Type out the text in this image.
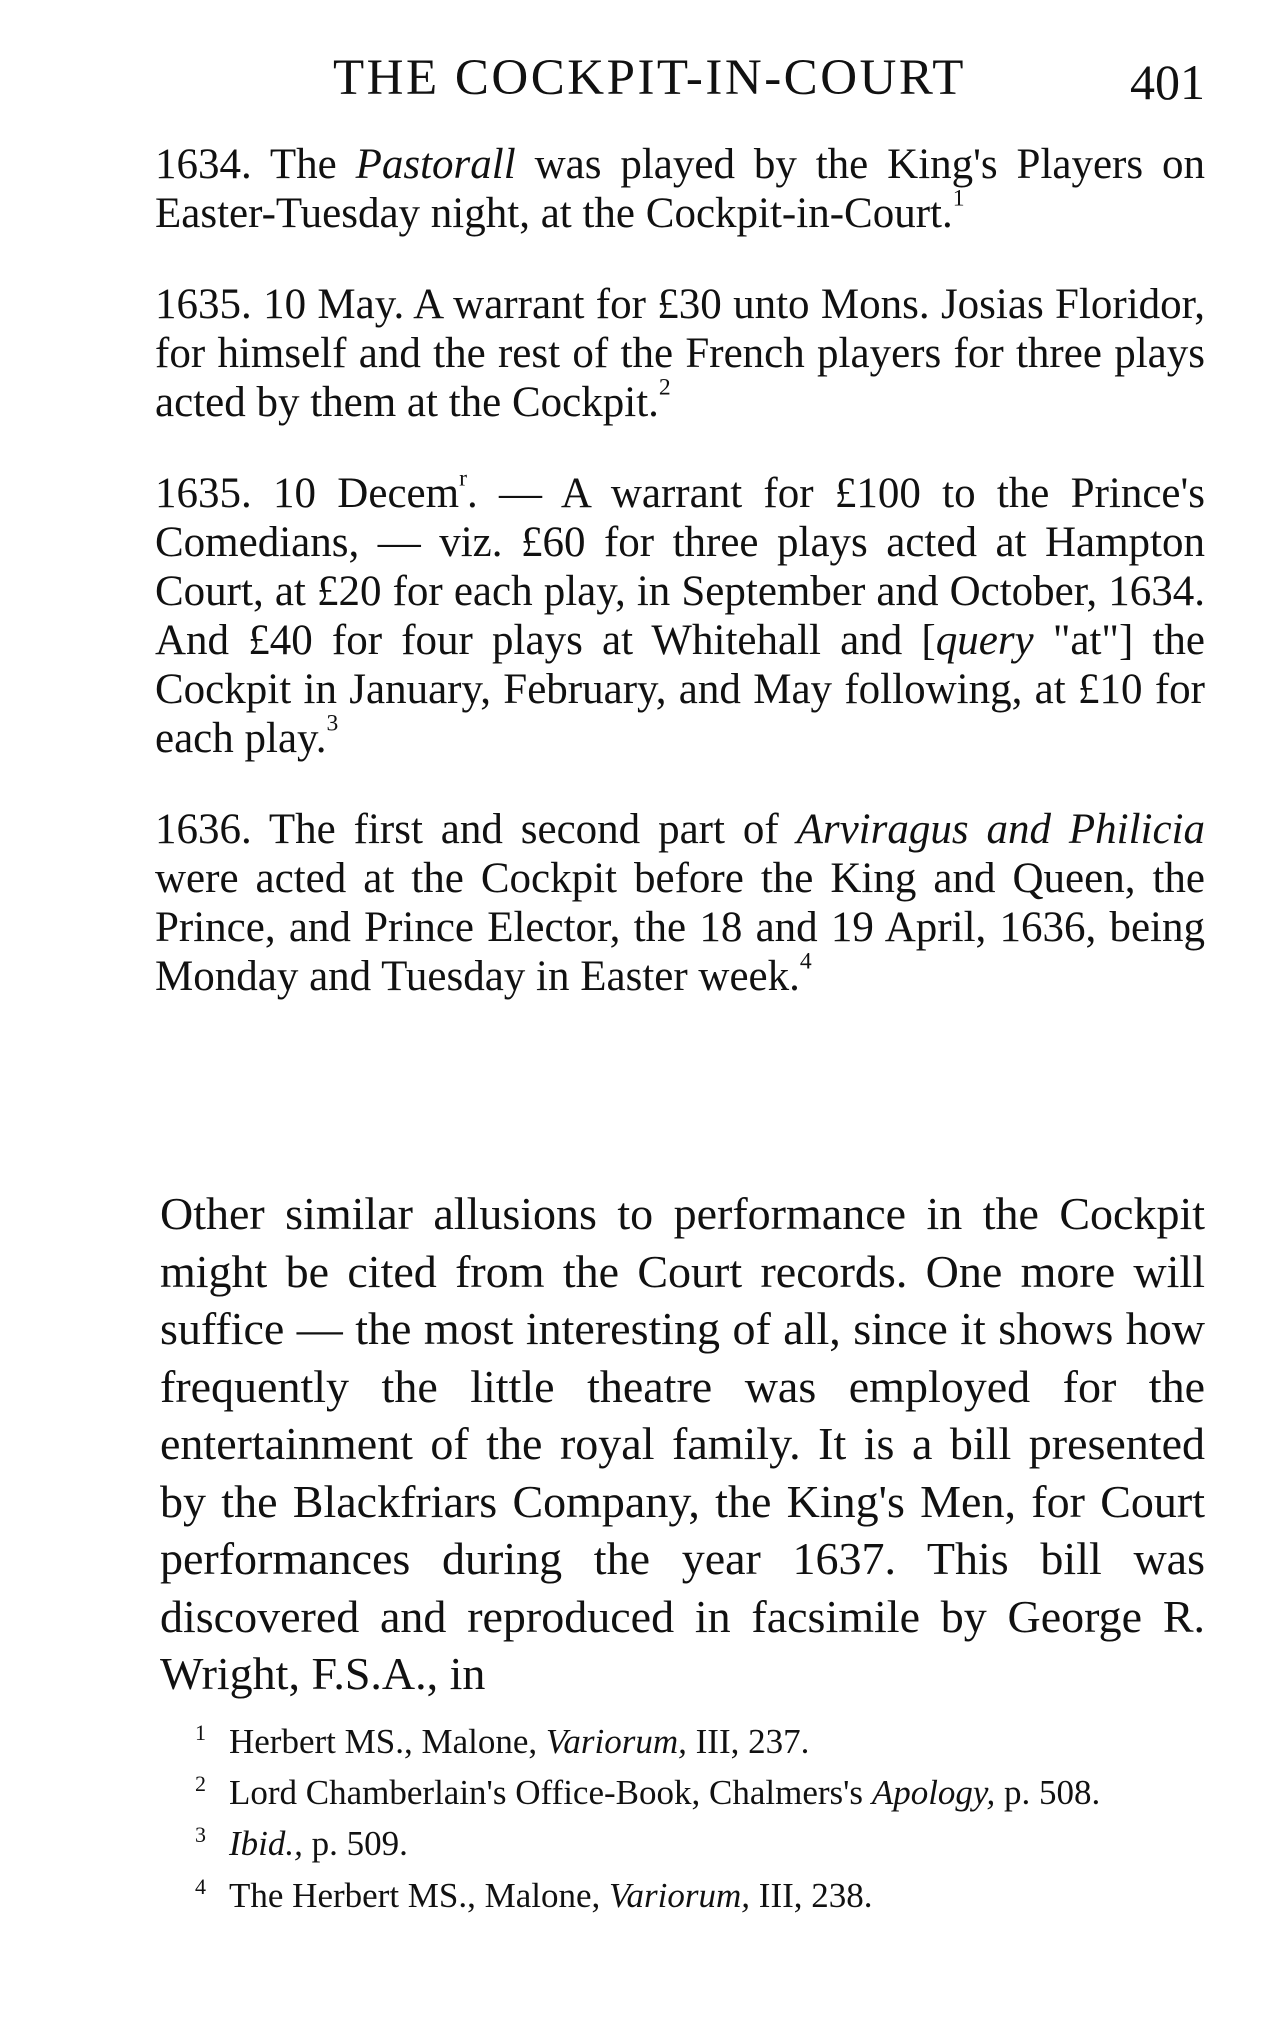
THE COCKPIT-IN-COURT	401

1634. The Pastorall was played by the King's Players on Easter-Tuesday night, at the Cockpit-in-Court.$^1$

1635. 10 May. A warrant for £30 unto Mons. Josias Floridor, for himself and the rest of the French players for three plays acted by them at the Cockpit.$^2$

1635. 10 Decem$^r$. — A warrant for £100 to the Prince's Comedians, — viz. £60 for three plays acted at Hampton Court, at £20 for each play, in September and October, 1634. And £40 for four plays at Whitehall and [query "at"] the Cockpit in January, February, and May following, at £10 for each play.$^3$

1636. The first and second part of Arviragus and Philicia were acted at the Cockpit before the King and Queen, the Prince, and Prince Elector, the 18 and 19 April, 1636, being Monday and Tuesday in Easter week.$^4$

Other similar allusions to performance in the Cockpit might be cited from the Court records. One more will suffice — the most interesting of all, since it shows how frequently the little theatre was employed for the entertainment of the royal family. It is a bill presented by the Blackfriars Company, the King's Men, for Court performances during the year 1637. This bill was discovered and reproduced in facsimile by George R. Wright, F.S.A., in

1 Herbert MS., Malone, Variorum, III, 237.

2 Lord Chamberlain's Office-Book, Chalmers's Apology, p. 508.

3 Ibid., p. 509.

4 The Herbert MS., Malone, Variorum, III, 238.
